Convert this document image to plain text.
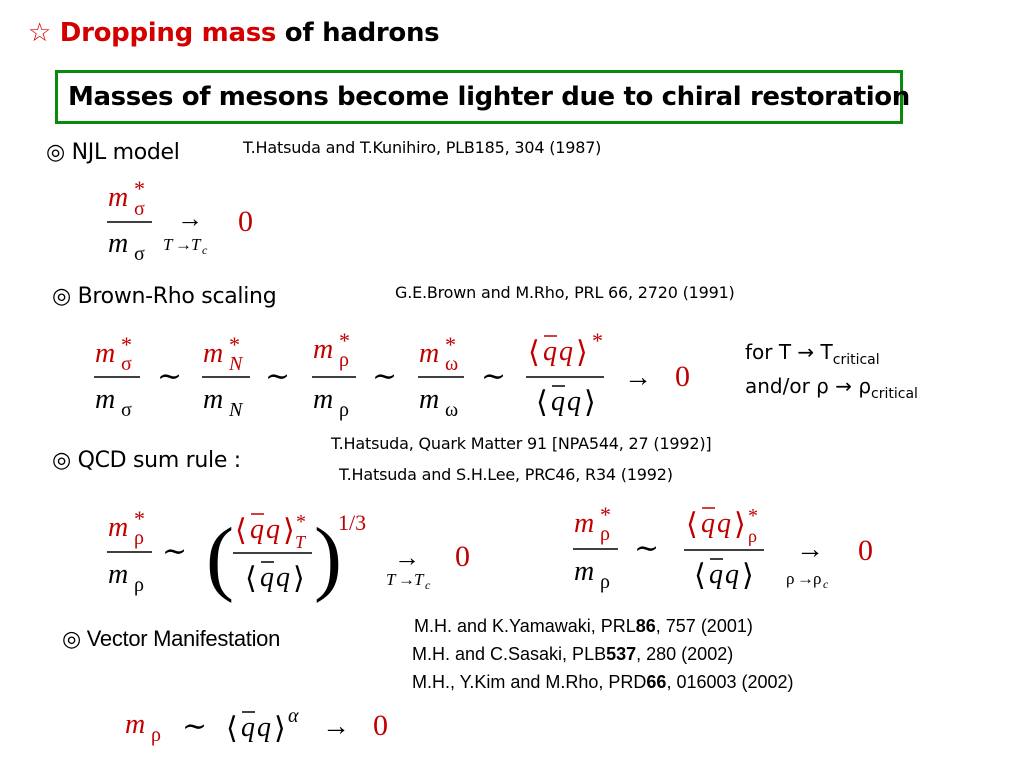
☆ Dropping mass of hadrons
Masses of mesons become lighter due to chiral restoration
◎ NJL model	T.Hatsuda and T.Kunihiro, PLB185, 304 (1987)
◎ Brown-Rho scaling	G.E.Brown and M.Rho, PRL 66, 2720 (1991)
for $T \to T_{critical}$
and/or $\rho \to \rho_{critical}$
◎ QCD sum rule :
T.Hatsuda, Quark Matter 91 [NPA544, 27 (1992)]
T.Hatsuda and S.H.Lee, PRC46, R34 (1992)
◎ Vector Manifestation	M.H. and K.Yamawaki, PRL86, 757 (2001)
M.H. and C.Sasaki, PLB537, 280 (2002)
M.H., Y.Kim and M.Rho, PRD66, 016003 (2002)
m σ
*
m σ
→
T → T c
0
m σ
*
m σ
∼
m N
*
m N
∼
m ρ
*
m ρ
∼
m ω
*
m ω
∼
⟨ q q ⟩ *
⟨ q q ⟩
→ 0
m ρ
*
m ρ
∼ ( ⟨ q q ⟩ *
T
⟨ q q ⟩ )
1/3
→
T → T c
0
m ρ
*
m ρ
∼
⟨ q q ⟩ *
ρ
⟨ q q ⟩
→
ρ → ρ c
0
m ρ ∼ ⟨ q q ⟩ α → 0
